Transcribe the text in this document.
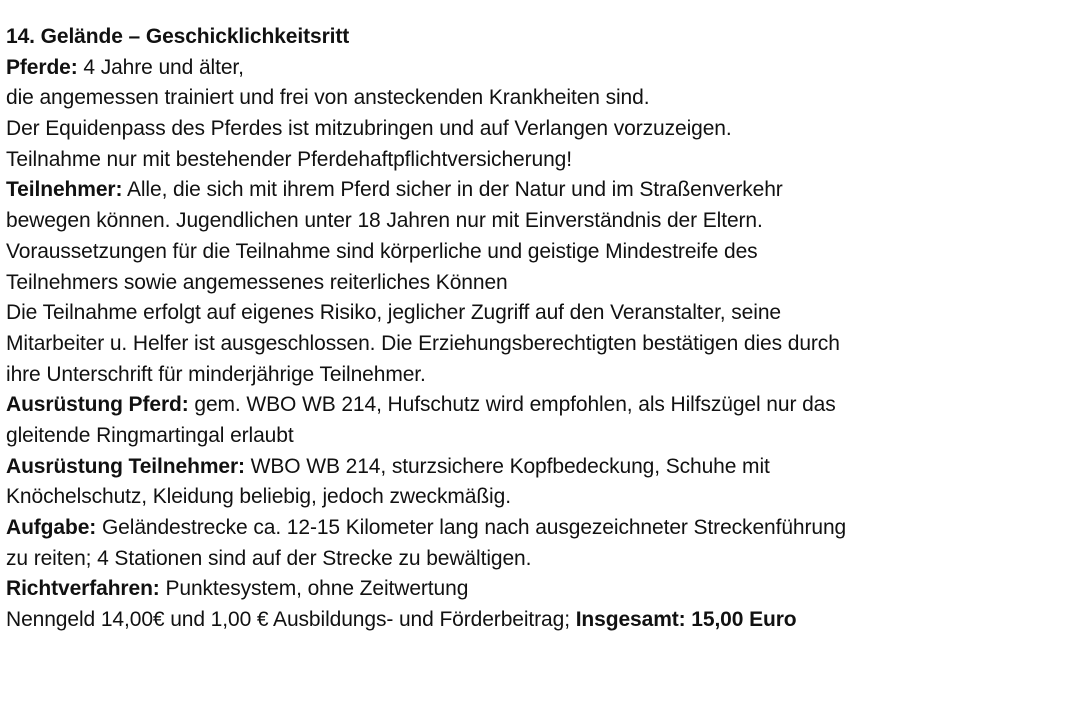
14. Gelände – Geschicklichkeitsritt
Pferde: 4 Jahre und älter,
die angemessen trainiert und frei von ansteckenden Krankheiten sind.
Der Equidenpass des Pferdes ist mitzubringen und auf Verlangen vorzuzeigen.
Teilnahme nur mit bestehender Pferdehaftpflichtversicherung!
Teilnehmer: Alle, die sich mit ihrem Pferd sicher in der Natur und im Straßenverkehr
bewegen können. Jugendlichen unter 18 Jahren nur mit Einverständnis der Eltern.
Voraussetzungen für die Teilnahme sind körperliche und geistige Mindestreife des
Teilnehmers sowie angemessenes reiterliches Können
Die Teilnahme erfolgt auf eigenes Risiko, jeglicher Zugriff auf den Veranstalter, seine
Mitarbeiter u. Helfer ist ausgeschlossen. Die Erziehungsberechtigten bestätigen dies durch
ihre Unterschrift für minderjährige Teilnehmer.
Ausrüstung Pferd: gem. WBO WB 214, Hufschutz wird empfohlen, als Hilfszügel nur das
gleitende Ringmartingal erlaubt
Ausrüstung Teilnehmer: WBO WB 214, sturzsichere Kopfbedeckung, Schuhe mit
Knöchelschutz, Kleidung beliebig, jedoch zweckmäßig.
Aufgabe: Geländestrecke ca. 12-15 Kilometer lang nach ausgezeichneter Streckenführung
zu reiten; 4 Stationen sind auf der Strecke zu bewältigen.
Richtverfahren: Punktesystem, ohne Zeitwertung
Nenngeld 14,00€ und 1,00 € Ausbildungs- und Förderbeitrag; Insgesamt: 15,00 Euro
